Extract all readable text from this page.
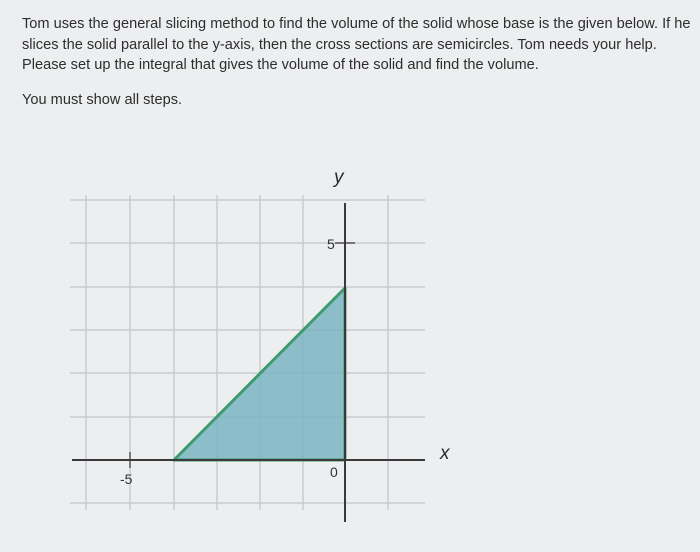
Tom uses the general slicing method to find the volume of the solid whose base is the given below. If he slices the solid parallel to the y-axis, then the cross sections are semicircles. Tom needs your help. Please set up the integral that gives the volume of the solid and find the volume.

You must show all steps.
y
x
5
-5	0
